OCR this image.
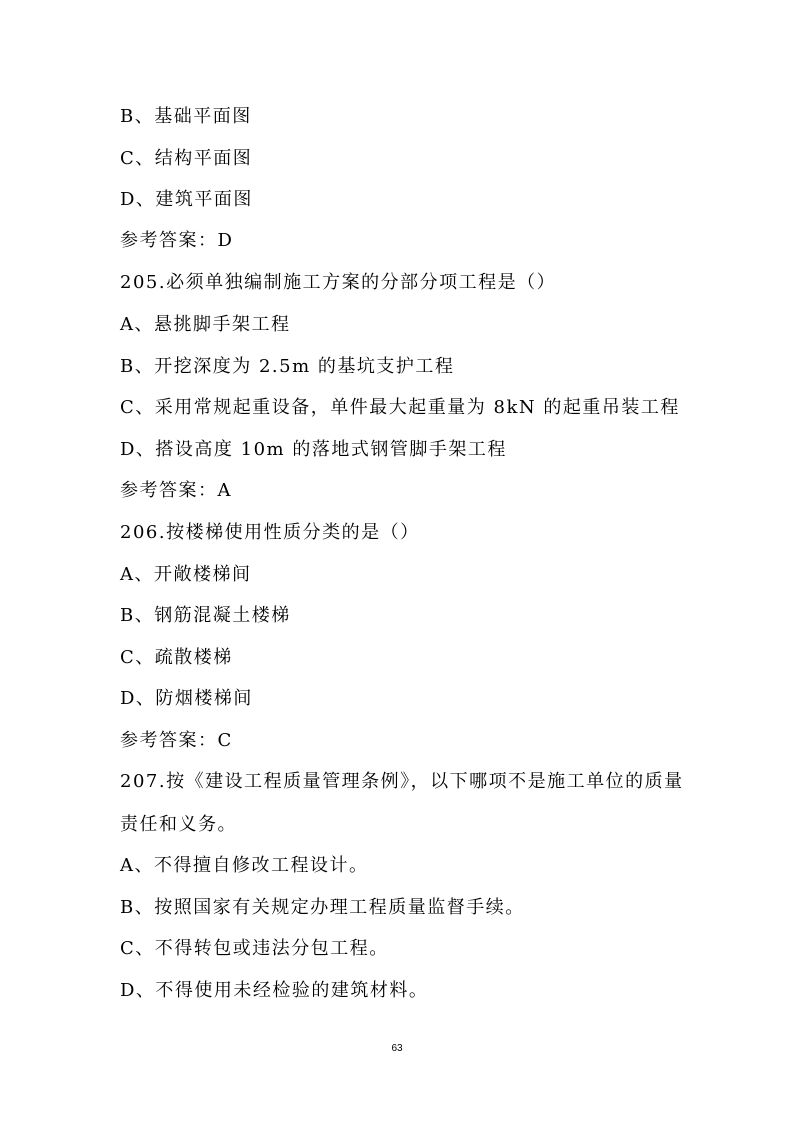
B、基础平面图
C、结构平面图
D、建筑平面图
参考答案：D
205.必须单独编制施工方案的分部分项工程是（）
A、悬挑脚手架工程
B、开挖深度为 2.5m 的基坑支护工程
C、采用常规起重设备，单件最大起重量为 8kN 的起重吊装工程
D、搭设高度 10m 的落地式钢管脚手架工程
参考答案：A
206.按楼梯使用性质分类的是（）
A、开敞楼梯间
B、钢筋混凝土楼梯
C、疏散楼梯
D、防烟楼梯间
参考答案：C
207.按《建设工程质量管理条例》，以下哪项不是施工单位的质量
责任和义务。
A、不得擅自修改工程设计。
B、按照国家有关规定办理工程质量监督手续。
C、不得转包或违法分包工程。
D、不得使用未经检验的建筑材料。
63
